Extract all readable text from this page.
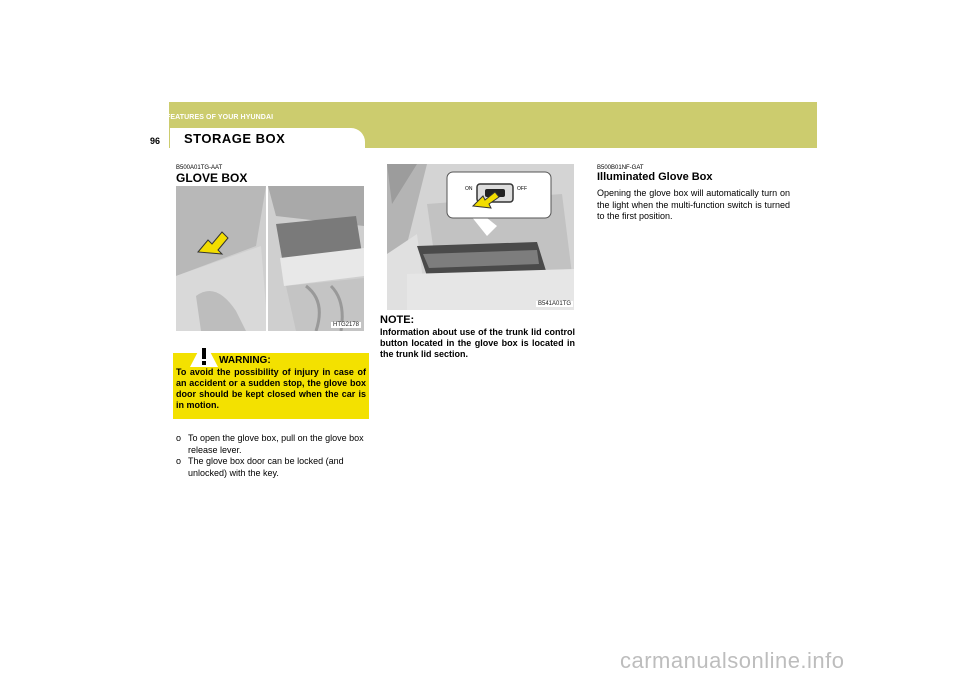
1 FEATURES OF YOUR HYUNDAI
96 STORAGE BOX
B500A01TG-AAT
GLOVE BOX
HTG2178
WARNING:
To avoid the possibility of injury in case of an accident or a sudden stop, the glove box door should be kept closed when the car is in motion.
o To open the glove box, pull on the glove box release lever.
o The glove box door can be locked (and unlocked) with the key.
ON	OFF
B541A01TG
NOTE:
Information about use of the trunk lid control button located in the glove box is located in the trunk lid section.
B500B01NF-GAT
Illuminated Glove Box
Opening the glove box will automatically turn on the light when the multi-function switch is turned to the first position.
carmanualsonline.info
